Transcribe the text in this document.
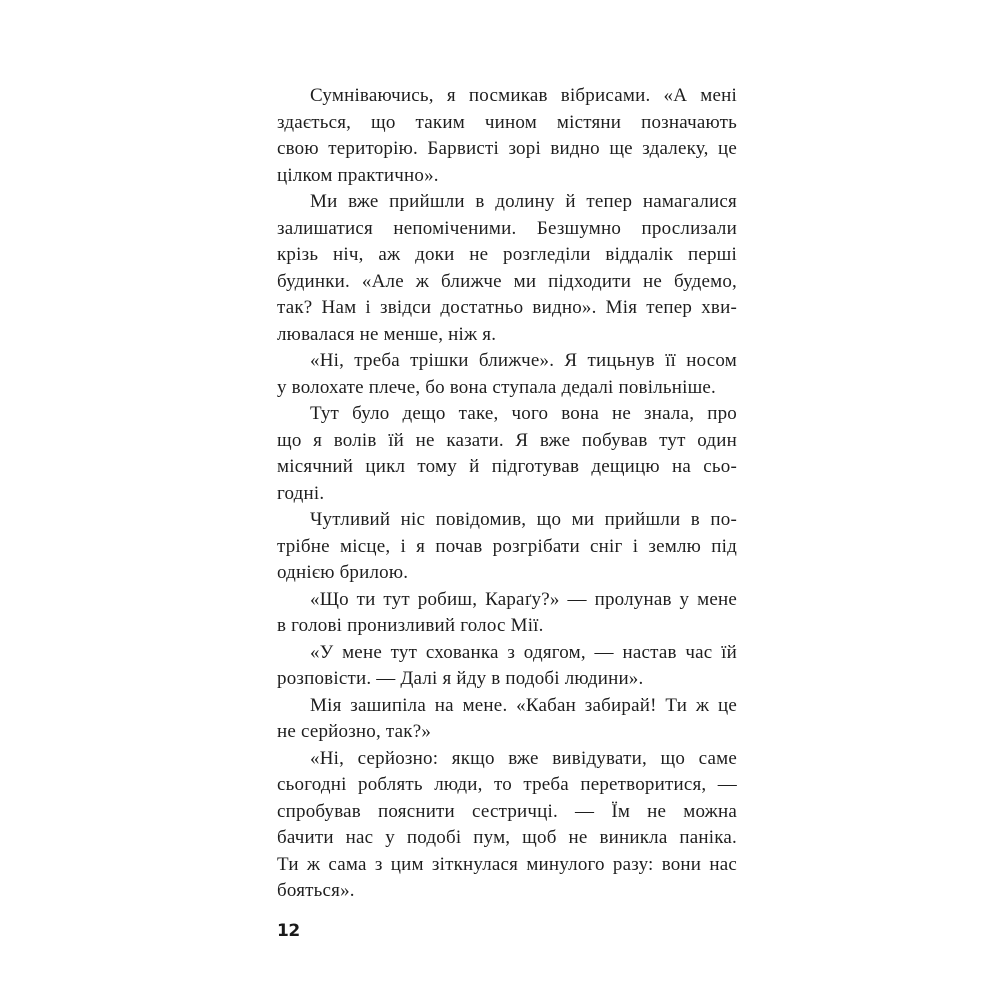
Сумніваючись, я посмикав вібрисами. «А мені
здається, що таким чином містяни позначають
свою територію. Барвисті зорі видно ще здалеку, це
цілком практично».
Ми вже прийшли в долину й тепер намагалися
залишатися непоміченими. Безшумно прослизали
крізь ніч, аж доки не розгледіли віддалік перші
будинки. «Але ж ближче ми підходити не будемо,
так? Нам і звідси достатньо видно». Мія тепер хви-
лювалася не менше, ніж я.
«Ні, треба трішки ближче». Я тицьнув її носом
у волохате плече, бо вона ступала дедалі повільніше.
Тут було дещо таке, чого вона не знала, про
що я волів їй не казати. Я вже побував тут один
місячний цикл тому й підготував дещицю на сьо-
годні.
Чутливий ніс повідомив, що ми прийшли в по-
трібне місце, і я почав розгрібати сніг і землю під
однією брилою.
«Що ти тут робиш, Караґу?» — пролунав у мене
в голові пронизливий голос Мії.
«У мене тут схованка з одягом, — настав час їй
розповісти. — Далі я йду в подобі людини».
Мія зашипіла на мене. «Кабан забирай! Ти ж це
не серйозно, так?»
«Ні, серйозно: якщо вже вивідувати, що саме
сьогодні роблять люди, то треба перетворитися, —
спробував пояснити сестричці. — Їм не можна
бачити нас у подобі пум, щоб не виникла паніка.
Ти ж сама з цим зіткнулася минулого разу: вони нас
бояться».
12
